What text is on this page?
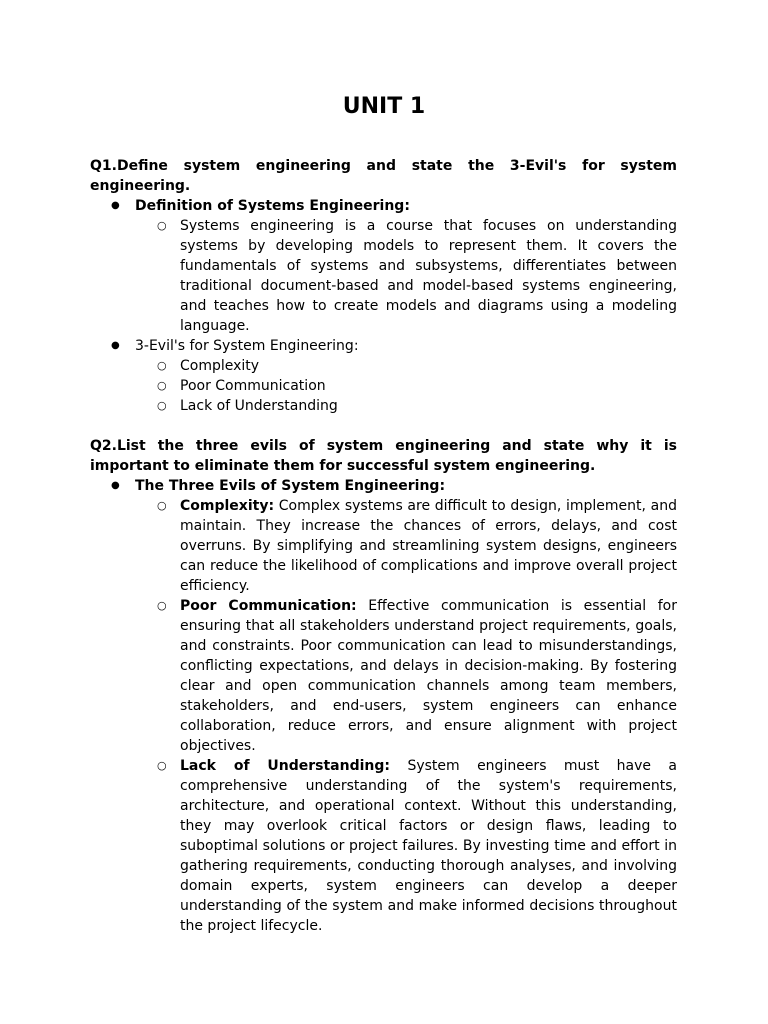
UNIT 1

Q1.Define system engineering and state the 3-Evil's for system engineering.

● Definition of Systems Engineering:
○ Systems engineering is a course that focuses on understanding systems by developing models to represent them. It covers the fundamentals of systems and subsystems, differentiates between traditional document-based and model-based systems engineering, and teaches how to create models and diagrams using a modeling language.
● 3-Evil's for System Engineering:
○ Complexity
○ Poor Communication
○ Lack of Understanding

Q2.List the three evils of system engineering and state why it is important to eliminate them for successful system engineering.

● The Three Evils of System Engineering:
○ Complexity: Complex systems are difficult to design, implement, and maintain. They increase the chances of errors, delays, and cost overruns. By simplifying and streamlining system designs, engineers can reduce the likelihood of complications and improve overall project efficiency.
○ Poor Communication: Effective communication is essential for ensuring that all stakeholders understand project requirements, goals, and constraints. Poor communication can lead to misunderstandings, conflicting expectations, and delays in decision-making. By fostering clear and open communication channels among team members, stakeholders, and end-users, system engineers can enhance collaboration, reduce errors, and ensure alignment with project objectives.
○ Lack of Understanding: System engineers must have a comprehensive understanding of the system's requirements, architecture, and operational context. Without this understanding, they may overlook critical factors or design flaws, leading to suboptimal solutions or project failures. By investing time and effort in gathering requirements, conducting thorough analyses, and involving domain experts, system engineers can develop a deeper understanding of the system and make informed decisions throughout the project lifecycle.
